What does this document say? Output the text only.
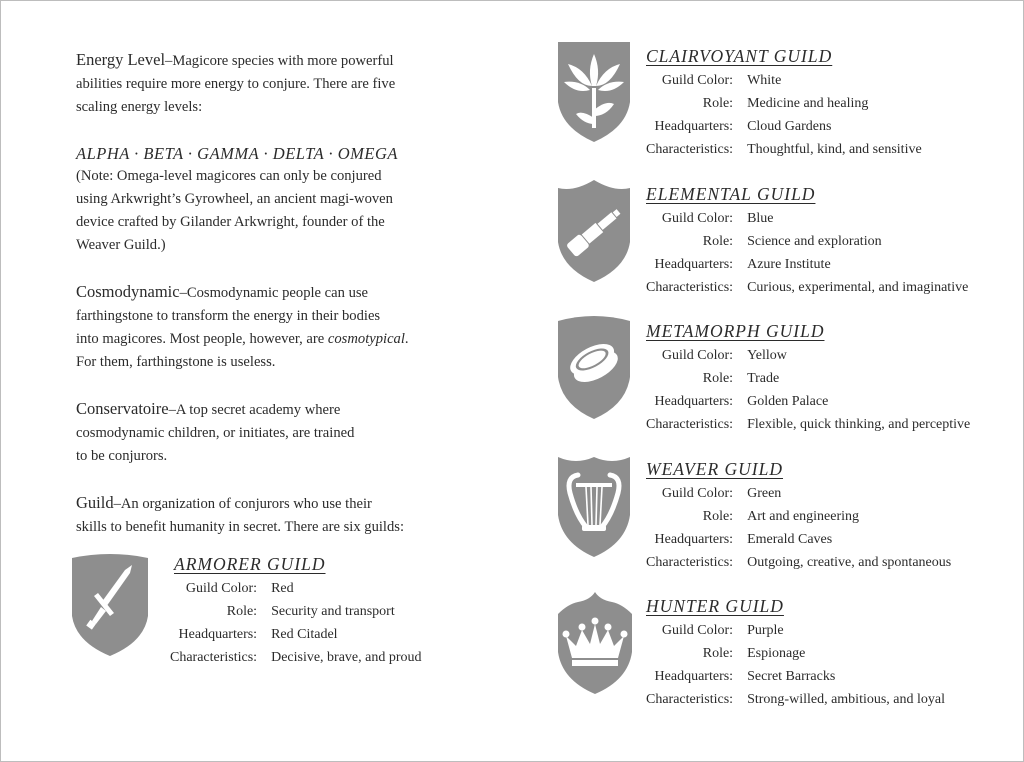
Energy Level–Magicore species with more powerful
abilities require more energy to conjure. There are five
scaling energy levels:
ALPHA · BETA · GAMMA · DELTA · OMEGA
(Note: Omega-level magicores can only be conjured
using Arkwright’s Gyrowheel, an ancient magi-woven
device crafted by Gilander Arkwright, founder of the
Weaver Guild.)
Cosmodynamic–Cosmodynamic people can use
farthingstone to transform the energy in their bodies
into magicores. Most people, however, are cosmotypical.
For them, farthingstone is useless.
Conservatoire–A top secret academy where
cosmodynamic children, or initiates, are trained
to be conjurors.
Guild–An organization of conjurors who use their
skills to benefit humanity in secret. There are six guilds:
ARMORER GUILD
Guild Color:	Red
Role:	Security and transport
Headquarters:	Red Citadel
Characteristics:	Decisive, brave, and proud
CLAIRVOYANT GUILD
Guild Color:	White
Role:	Medicine and healing
Headquarters:	Cloud Gardens
Characteristics:	Thoughtful, kind, and sensitive
ELEMENTAL GUILD
Guild Color:	Blue
Role:	Science and exploration
Headquarters:	Azure Institute
Characteristics:	Curious, experimental, and imaginative
METAMORPH GUILD
Guild Color:	Yellow
Role:	Trade
Headquarters:	Golden Palace
Characteristics:	Flexible, quick thinking, and perceptive
WEAVER GUILD
Guild Color:	Green
Role:	Art and engineering
Headquarters:	Emerald Caves
Characteristics:	Outgoing, creative, and spontaneous
HUNTER GUILD
Guild Color:	Purple
Role:	Espionage
Headquarters:	Secret Barracks
Characteristics:	Strong-willed, ambitious, and loyal
